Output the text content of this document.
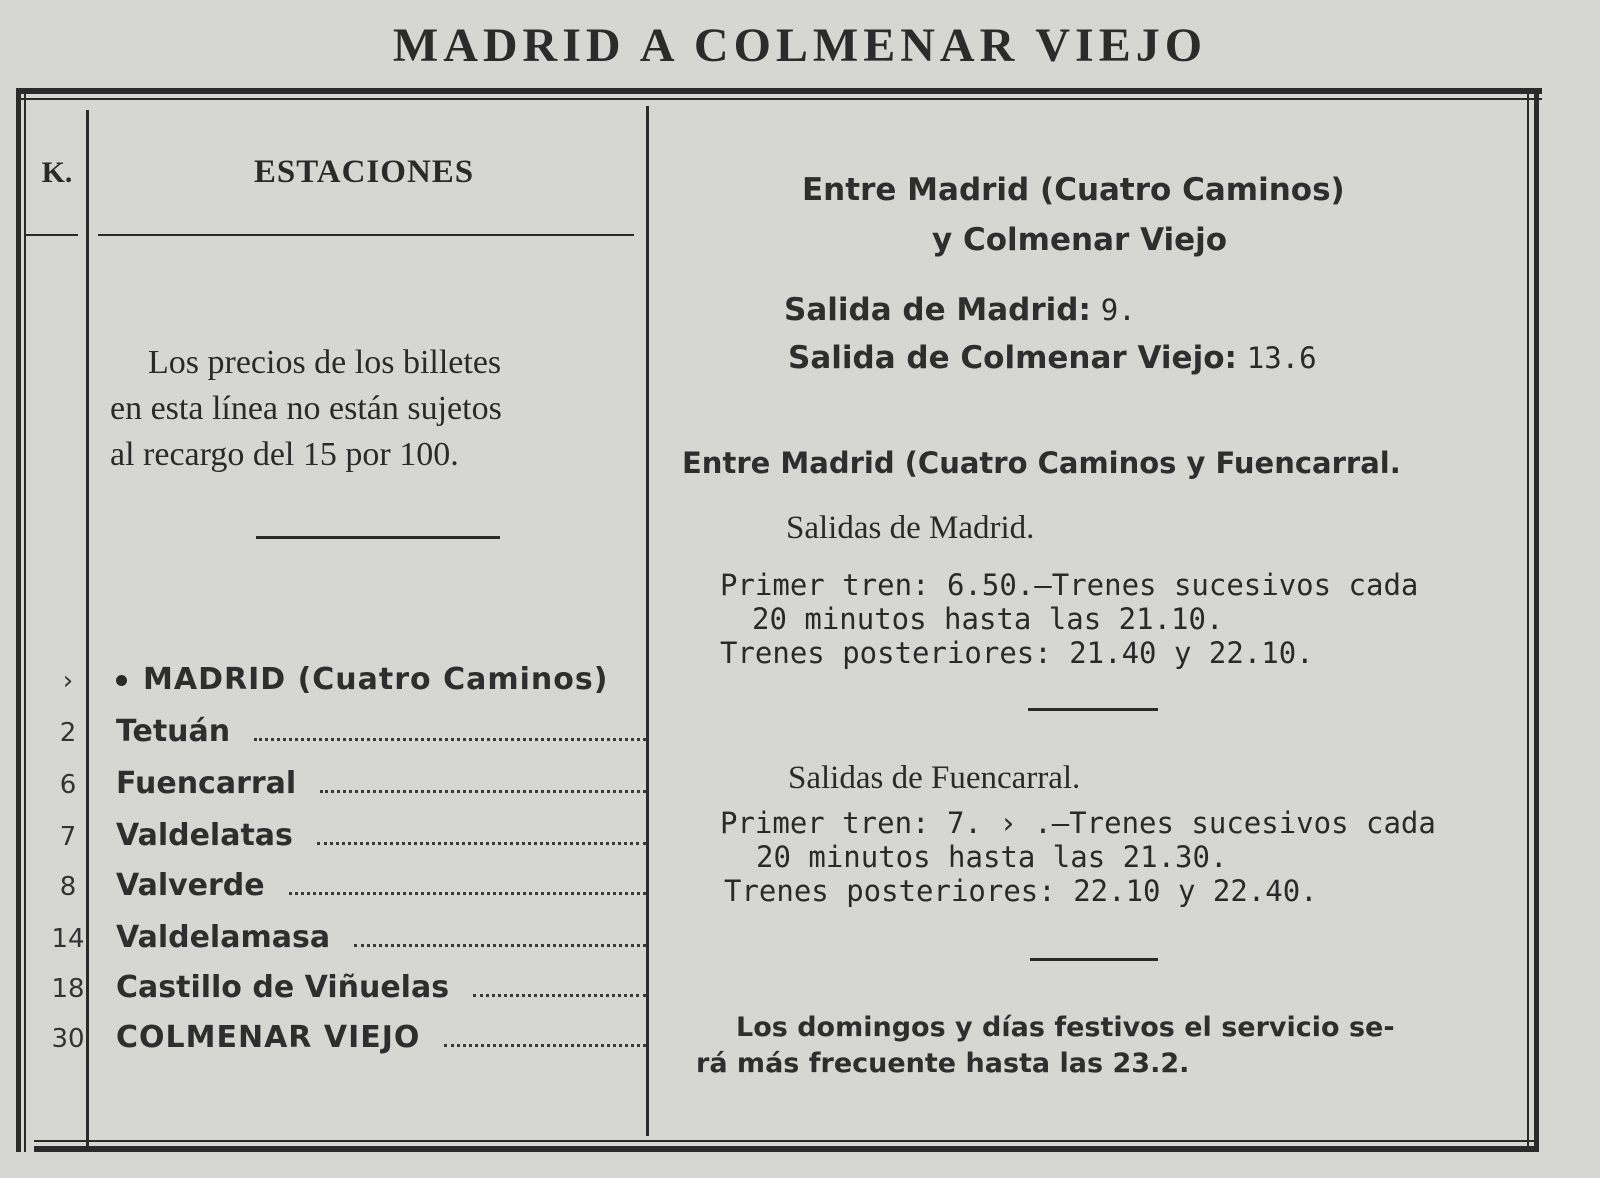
MADRID A COLMENAR VIEJO
K.	ESTACIONES
Los precios de los billetes
en esta línea no están sujetos
al recargo del 15 por 100.
›	MADRID (Cuatro Caminos)
2	Tetuán
6	Fuencarral
7	Valdelatas
8	Valverde
14	Valdelamasa
18	Castillo de Viñuelas
30	COLMENAR VIEJO
Entre Madrid (Cuatro Caminos)
y Colmenar Viejo
Salida de Madrid: 9.
Salida de Colmenar Viejo: 13.6
Entre Madrid (Cuatro Caminos y Fuencarral.
Salidas de Madrid.
Primer tren: 6.50.—Trenes sucesivos cada
20 minutos hasta las 21.10.
Trenes posteriores: 21.40 y 22.10.
Salidas de Fuencarral.
Primer tren: 7. › .—Trenes sucesivos cada
20 minutos hasta las 21.30.
Trenes posteriores: 22.10 y 22.40.
Los domingos y días festivos el servicio se-
rá más frecuente hasta las 23.2.
